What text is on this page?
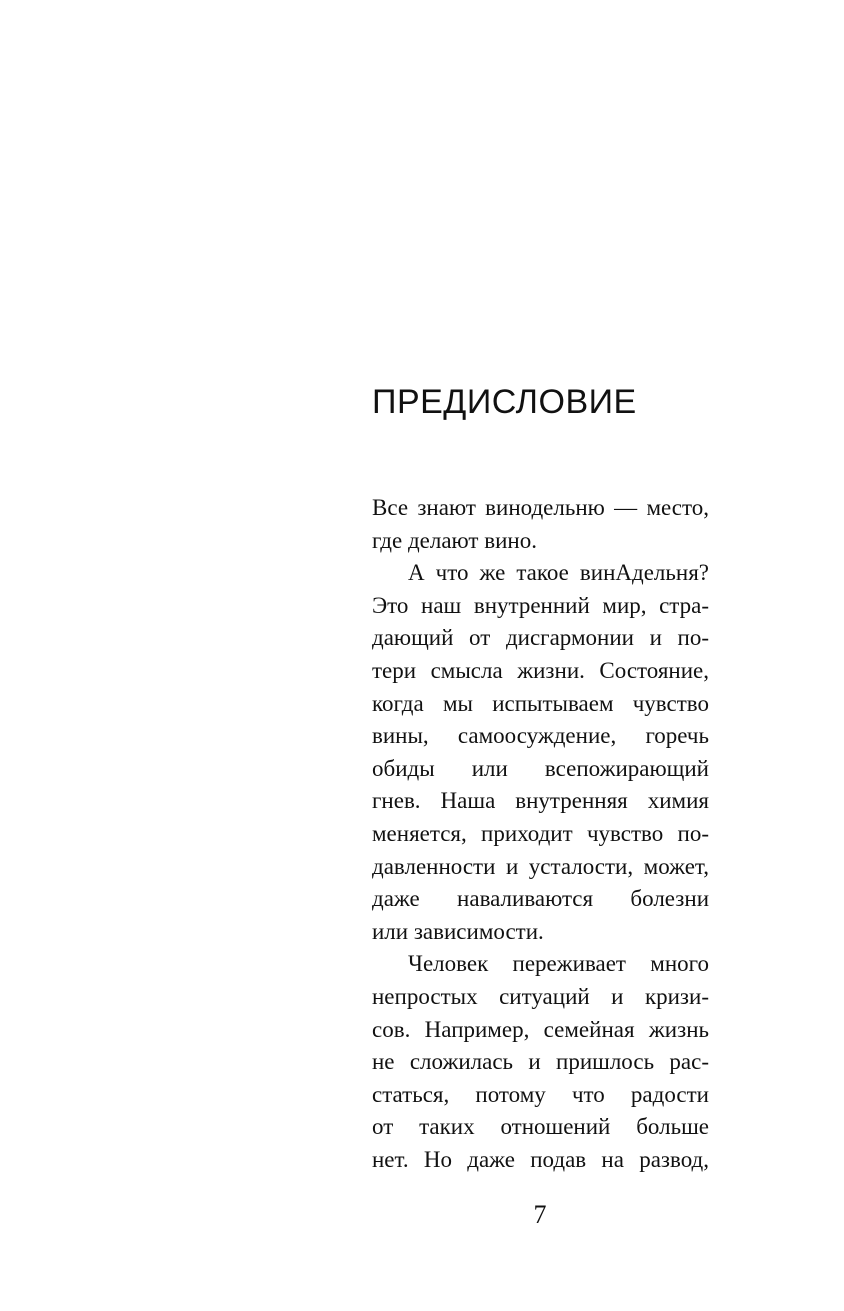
ПРЕДИСЛОВИЕ
Все знают винодельню — место,
где делают вино.
А что же такое винАдельня?
Это наш внутренний мир, стра-
дающий от дисгармонии и по-
тери смысла жизни. Состояние,
когда мы испытываем чувство
вины, самоосуждение, горечь
обиды или всепожирающий
гнев. Наша внутренняя химия
меняется, приходит чувство по-
давленности и усталости, может,
даже наваливаются болезни
или зависимости.
Человек переживает много
непростых ситуаций и кризи-
сов. Например, семейная жизнь
не сложилась и пришлось рас-
статься, потому что радости
от таких отношений больше
нет. Но даже подав на развод,
7
